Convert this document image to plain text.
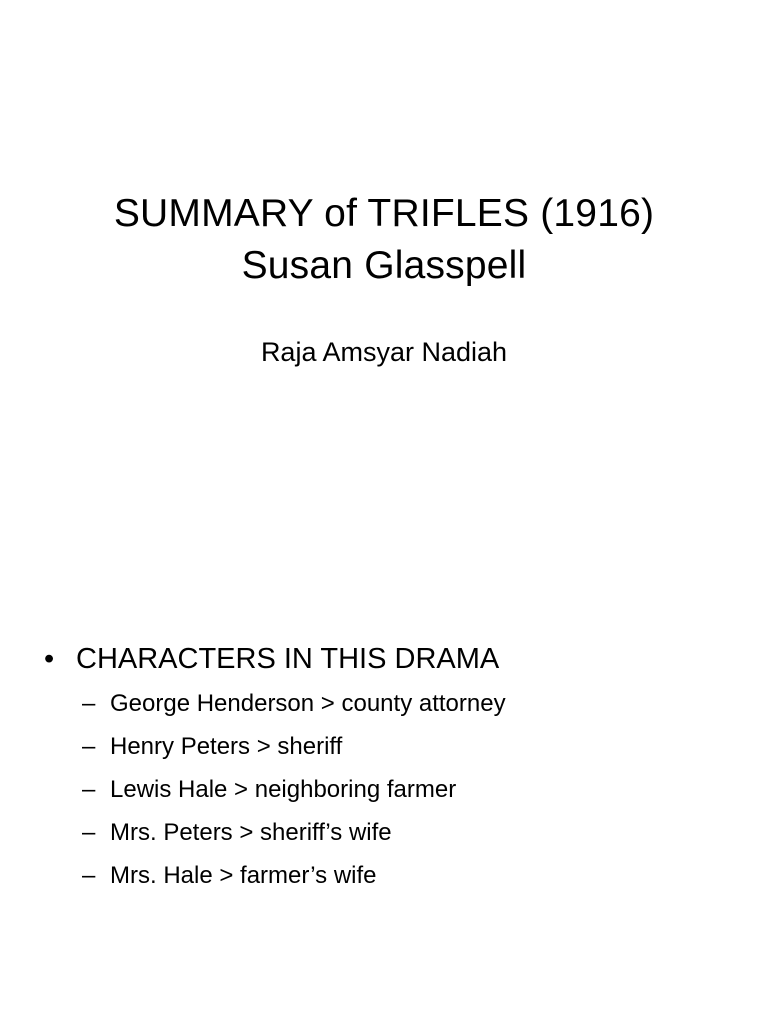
SUMMARY of TRIFLES (1916)
Susan Glasspell
Raja Amsyar Nadiah
• CHARACTERS IN THIS DRAMA
– George Henderson > county attorney
– Henry Peters > sheriff
– Lewis Hale > neighboring farmer
– Mrs. Peters > sheriff’s wife
– Mrs. Hale > farmer’s wife
